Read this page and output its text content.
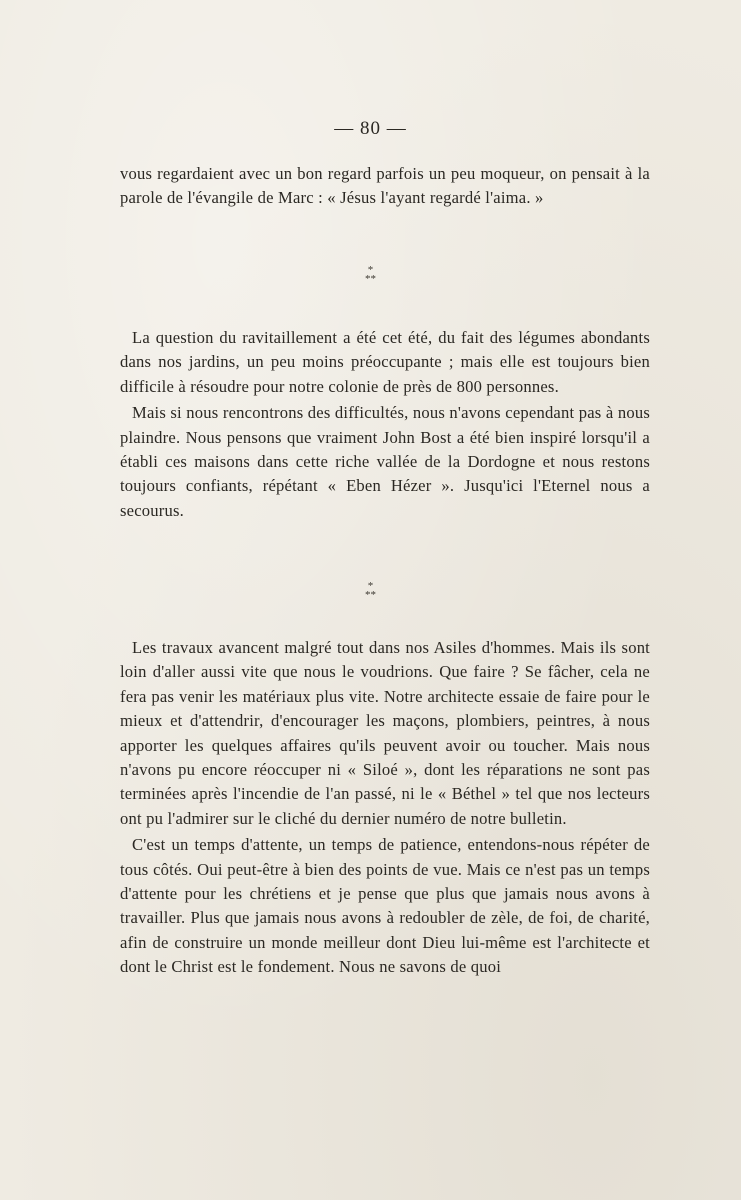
— 80 —

vous regardaient avec un bon regard parfois un peu moqueur, on pensait à la parole de l'évangile de Marc : « Jésus l'ayant regardé l'aima. »

*
**

La question du ravitaillement a été cet été, du fait des légumes abondants dans nos jardins, un peu moins préoccupante ; mais elle est toujours bien difficile à résoudre pour notre colonie de près de 800 personnes.

Mais si nous rencontrons des difficultés, nous n'avons cependant pas à nous plaindre. Nous pensons que vraiment John Bost a été bien inspiré lorsqu'il a établi ces maisons dans cette riche vallée de la Dordogne et nous restons toujours confiants, répétant « Eben Hézer ». Jusqu'ici l'Eternel nous a secourus.

*
**

Les travaux avancent malgré tout dans nos Asiles d'hommes. Mais ils sont loin d'aller aussi vite que nous le voudrions. Que faire ? Se fâcher, cela ne fera pas venir les matériaux plus vite. Notre architecte essaie de faire pour le mieux et d'attendrir, d'encourager les maçons, plombiers, peintres, à nous apporter les quelques affaires qu'ils peuvent avoir ou toucher. Mais nous n'avons pu encore réoccuper ni « Siloé », dont les réparations ne sont pas terminées après l'incendie de l'an passé, ni le « Béthel » tel que nos lecteurs ont pu l'admirer sur le cliché du dernier numéro de notre bulletin.

C'est un temps d'attente, un temps de patience, entendons-nous répéter de tous côtés. Oui peut-être à bien des points de vue. Mais ce n'est pas un temps d'attente pour les chrétiens et je pense que plus que jamais nous avons à travailler. Plus que jamais nous avons à redoubler de zèle, de foi, de charité, afin de construire un monde meilleur dont Dieu lui-même est l'architecte et dont le Christ est le fondement. Nous ne savons de quoi
